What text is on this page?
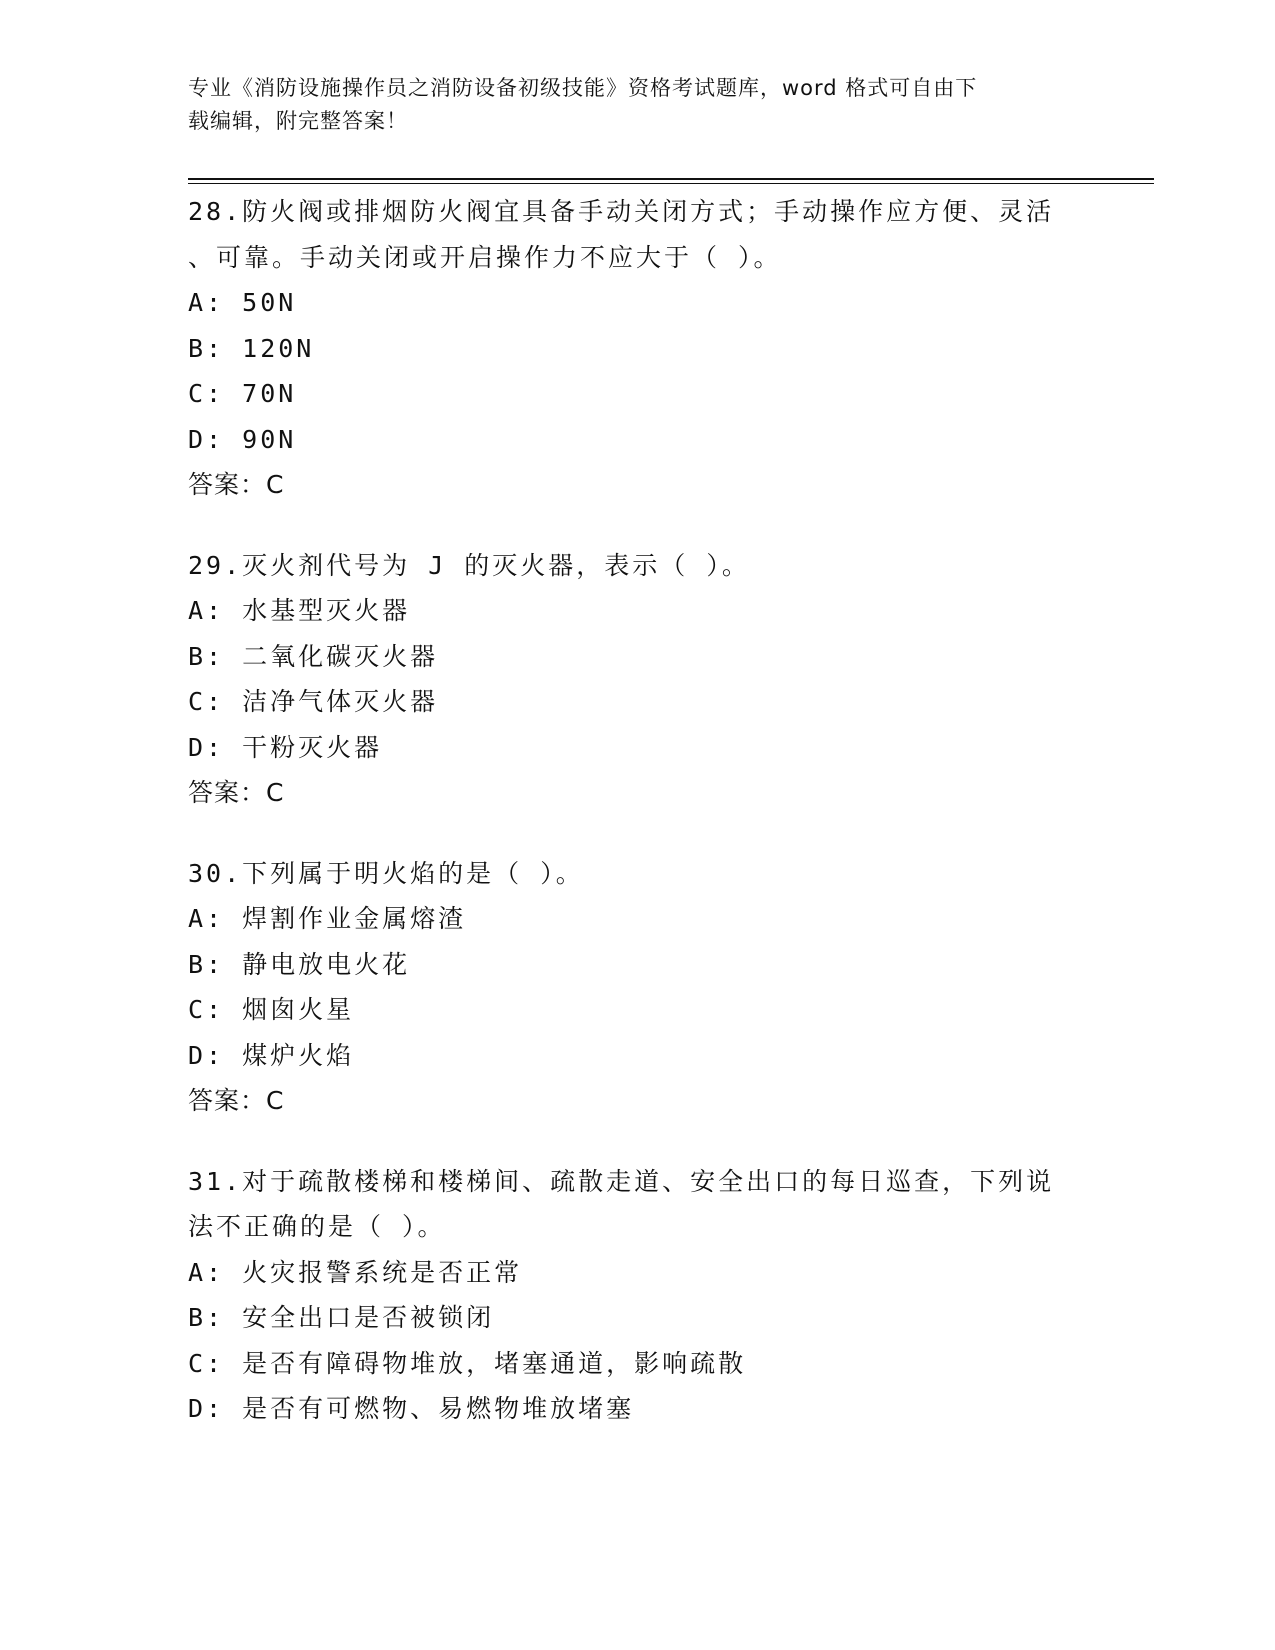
专业《消防设施操作员之消防设备初级技能》资格考试题库，word 格式可自由下
载编辑，附完整答案！
28.防火阀或排烟防火阀宜具备手动关闭方式；手动操作应方便、灵活
、可靠。手动关闭或开启操作力不应大于（ ）。
A: 50N
B: 120N
C: 70N
D: 90N
答案：C
29.灭火剂代号为 J 的灭火器，表示（ ）。
A: 水基型灭火器
B: 二氧化碳灭火器
C: 洁净气体灭火器
D: 干粉灭火器
答案：C
30.下列属于明火焰的是（ ）。
A: 焊割作业金属熔渣
B: 静电放电火花
C: 烟囱火星
D: 煤炉火焰
答案：C
31.对于疏散楼梯和楼梯间、疏散走道、安全出口的每日巡查，下列说
法不正确的是（ ）。
A: 火灾报警系统是否正常
B: 安全出口是否被锁闭
C: 是否有障碍物堆放，堵塞通道，影响疏散
D: 是否有可燃物、易燃物堆放堵塞
